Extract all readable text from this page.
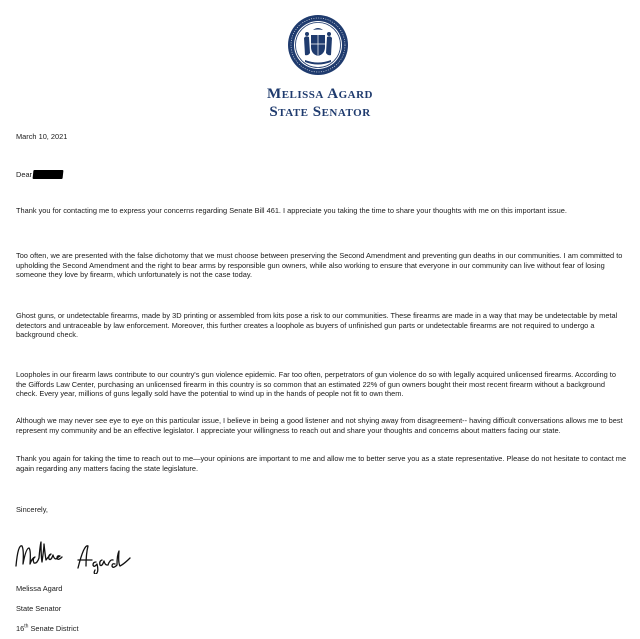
Melissa Agard
State Senator
March 10, 2021
Dear
Thank you for contacting me to express your concerns regarding Senate Bill 461. I appreciate you taking the time to share your thoughts with me on this important issue.
Too often, we are presented with the false dichotomy that we must choose between preserving the Second Amendment and preventing gun deaths in our communities. I am committed to upholding the Second Amendment and the right to bear arms by responsible gun owners, while also working to ensure that everyone in our community can live without fear of losing someone they love by firearm, which unfortunately is not the case today.
Ghost guns, or undetectable firearms, made by 3D printing or assembled from kits pose a risk to our communities. These firearms are made in a way that may be undetectable by metal detectors and untraceable by law enforcement. Moreover, this further creates a loophole as buyers of unfinished gun parts or undetectable firearms are not required to undergo a background check.
Loopholes in our firearm laws contribute to our country's gun violence epidemic. Far too often, perpetrators of gun violence do so with legally acquired unlicensed firearms. According to the Giffords Law Center, purchasing an unlicensed firearm in this country is so common that an estimated 22% of gun owners bought their most recent firearm without a background check. Every year, millions of guns legally sold have the potential to wind up in the hands of people not fit to own them.
Although we may never see eye to eye on this particular issue, I believe in being a good listener and not shying away from disagreement-- having difficult conversations allows me to best represent my community and be an effective legislator. I appreciate your willingness to reach out and share your thoughts and concerns about matters facing our state.
Thank you again for taking the time to reach out to me—your opinions are important to me and allow me to better serve you as a state representative. Please do not hesitate to contact me again regarding any matters facing the state legislature.
Sincerely,
Melissa Agard
State Senator
16th Senate District
